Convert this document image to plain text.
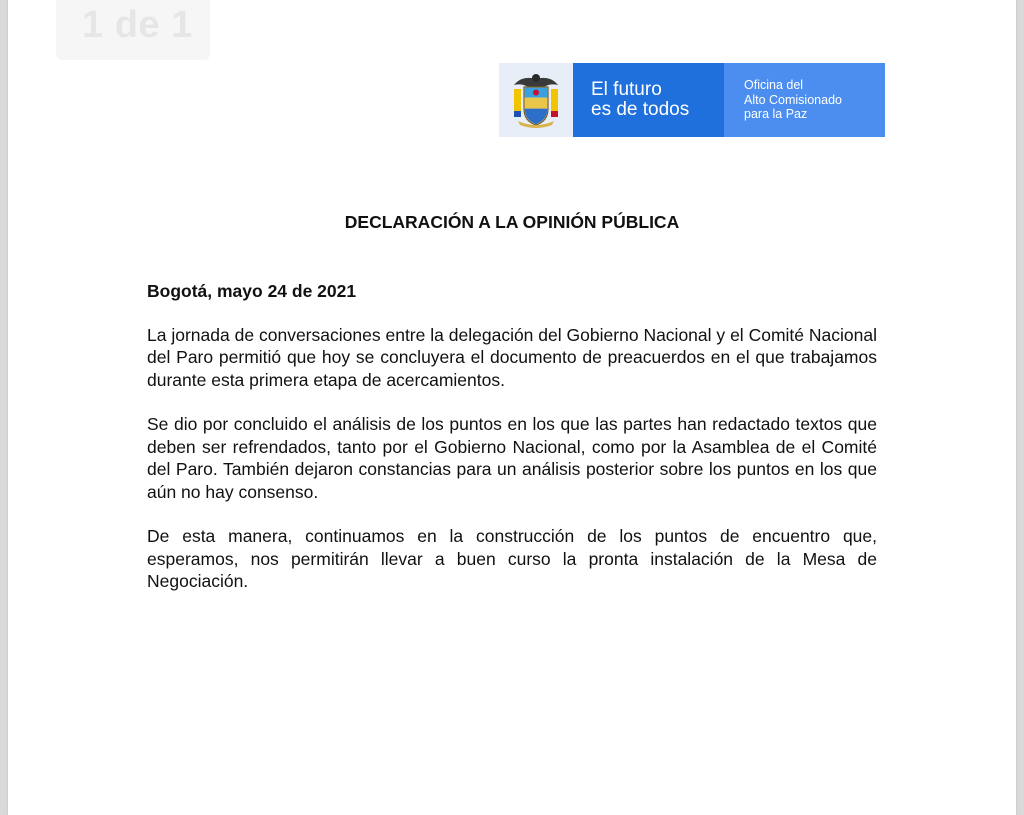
1 de 1
El futuro
es de todos
Oficina del
Alto Comisionado
para la Paz
DECLARACIÓN A LA OPINIÓN PÚBLICA

Bogotá, mayo 24 de 2021

La jornada de conversaciones entre la delegación del Gobierno Nacional y el Comité Nacional del Paro permitió que hoy se concluyera el documento de preacuerdos en el que trabajamos durante esta primera etapa de acercamientos.

Se dio por concluido el análisis de los puntos en los que las partes han redactado textos que deben ser refrendados, tanto por el Gobierno Nacional, como por la Asamblea de el Comité del Paro. También dejaron constancias para un análisis posterior sobre los puntos en los que aún no hay consenso.

De esta manera, continuamos en la construcción de los puntos de encuentro que, esperamos, nos permitirán llevar a buen curso la pronta instalación de la Mesa de Negociación.
